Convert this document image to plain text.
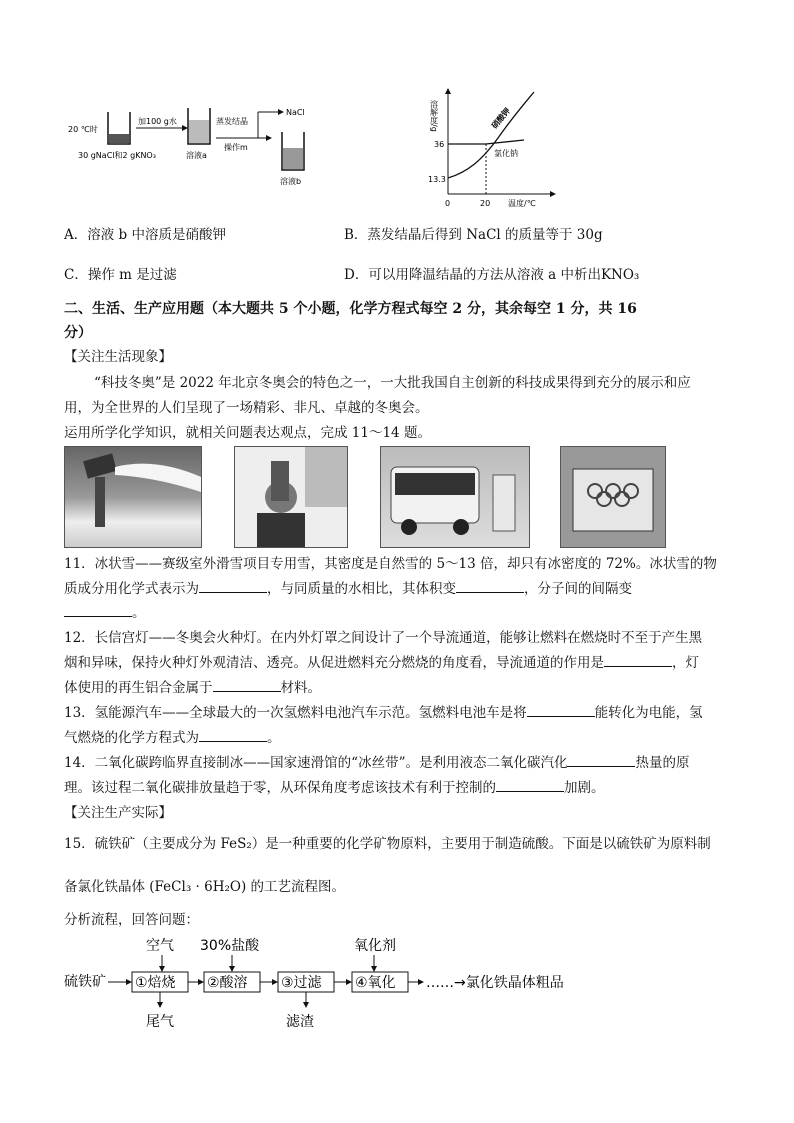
20 ℃时
30 gNaCl和2 gKNO₃
加100 g水
溶液a
蒸发结晶
操作m
NaCl
溶液b
溶解度/g
36
13.3
0	20 温度/℃
硝酸钾
氯化钠
A．溶液 b 中溶质是硝酸钾	B．蒸发结晶后得到 NaCl 的质量等于 30g
C．操作 m 是过滤	D．可以用降温结晶的方法从溶液 a 中析出KNO₃
二、生活、生产应用题（本大题共 5 个小题，化学方程式每空 2 分，其余每空 1 分，共 16
分）
【关注生活现象】
“科技冬奥”是 2022 年北京冬奥会的特色之一，一大批我国自主创新的科技成果得到充分的展示和应
用，为全世界的人们呈现了一场精彩、非凡、卓越的冬奥会。
运用所学化学知识，就相关问题表达观点，完成 11～14 题。
11．冰状雪——赛级室外滑雪项目专用雪，其密度是自然雪的 5～13 倍，却只有冰密度的 72%。冰状雪的物
质成分用化学式表示为	，与同质量的水相比，其体积变	，分子间的间隔变
。
12．长信宫灯——冬奥会火种灯。在内外灯罩之间设计了一个导流通道，能够让燃料在燃烧时不至于产生黑
烟和异味，保持火种灯外观清洁、透亮。从促进燃料充分燃烧的角度看，导流通道的作用是	，灯
体使用的再生铝合金属于	材料。
13．氢能源汽车——全球最大的一次氢燃料电池汽车示范。氢燃料电池车是将	能转化为电能，氢
气燃烧的化学方程式为	。
14．二氧化碳跨临界直接制冰——国家速滑馆的“冰丝带”。是利用液态二氧化碳汽化	热量的原
理。该过程二氧化碳排放量趋于零，从环保角度考虑该技术有利于控制的	加剧。
【关注生产实际】
15．硫铁矿（主要成分为 FeS₂）是一种重要的化学矿物原料，主要用于制造硫酸。下面是以硫铁矿为原料制
备氯化铁晶体 (FeCl₃ · 6H₂O) 的工艺流程图。
分析流程，回答问题：
硫铁矿
空气 30%盐酸	氧化剂
①焙烧 ②酸溶 ③过滤 ④氧化 ……→氯化铁晶体粗品
尾气	滤渣
